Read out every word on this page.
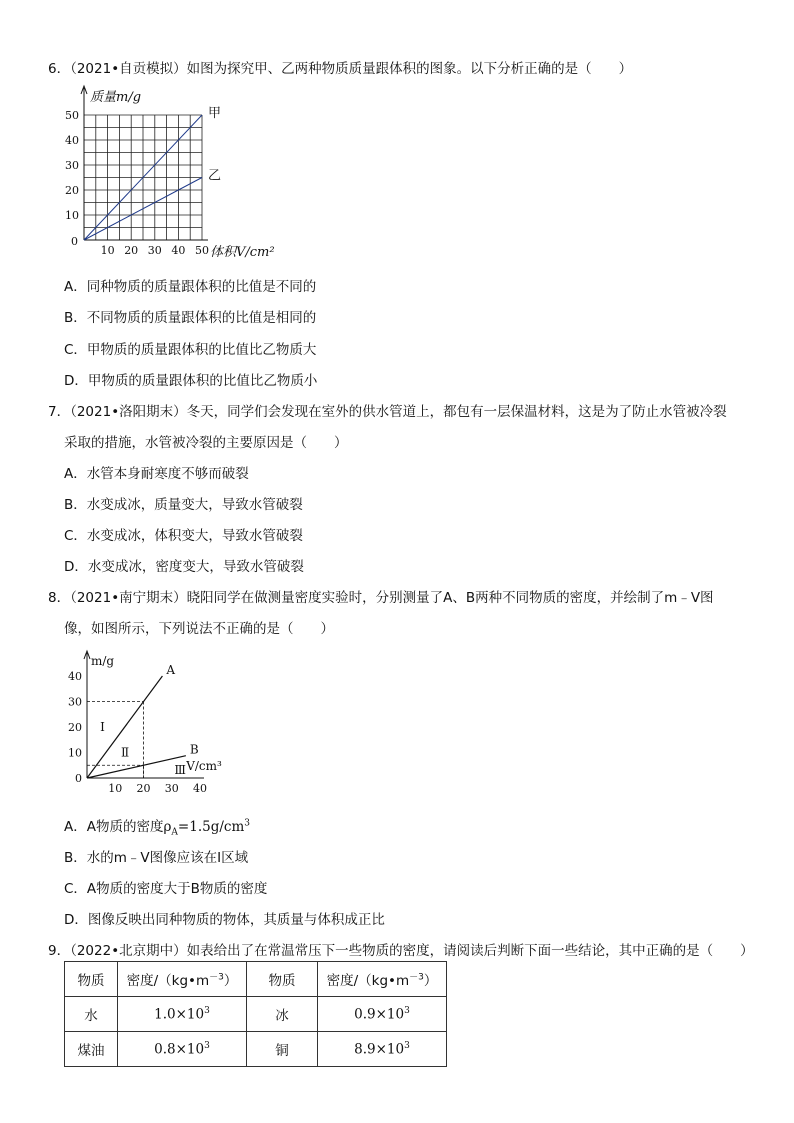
6．（2021•自贡模拟）如图为探究甲、乙两种物质质量跟体积的图象。以下分析正确的是（　　）
10 20 30 40 50
10
20
30
40
50
0
质量m/g
体积V/cm²
甲
乙
A．同种物质的质量跟体积的比值是不同的
B．不同物质的质量跟体积的比值是相同的
C．甲物质的质量跟体积的比值比乙物质大
D．甲物质的质量跟体积的比值比乙物质小
7．（2021•洛阳期末）冬天，同学们会发现在室外的供水管道上，都包有一层保温材料，这是为了防止水管被冷裂
采取的措施，水管被冷裂的主要原因是（　　）
A．水管本身耐寒度不够而破裂
B．水变成冰，质量变大，导致水管破裂
C．水变成冰，体积变大，导致水管破裂
D．水变成冰，密度变大，导致水管破裂
8．（2021•南宁期末）晓阳同学在做测量密度实验时，分别测量了A、B两种不同物质的密度，并绘制了m﹣V图
像，如图所示，下列说法不正确的是（　　）
10 20 30 40
10
20
30
40
0
m/g
V/cm³
A
B
Ⅰ
Ⅱ
Ⅲ
A．A物质的密度$\rho_A=1.5g/cm^3$
B．水的m﹣V图像应该在Ⅰ区域
C．A物质的密度大于B物质的密度
D．图像反映出同种物质的物体，其质量与体积成正比
9．（2022•北京期中）如表给出了在常温常压下一些物质的密度，请阅读后判断下面一些结论，其中正确的是（　　）
物质	密度$/(kg•m^{-3})$	物质	密度$/(kg•m^{-3})$
水	$1.0\times 10^3$	冰	$0.9\times 10^3$
煤油	$0.8\times 10^3$	铜	$8.9\times 10^3$
